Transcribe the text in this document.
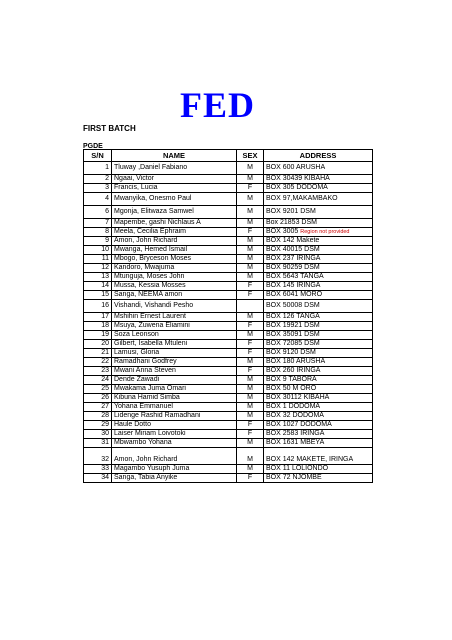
FED
FIRST BATCH
PGDE
S/N	NAME	SEX	ADDRESS
1	Tluway ,Daniel Fabiano	M	BOX 600 ARUSHA
2	Ngaai, Victor	M	BOX 30439 KIBAHA
3	Francis, Lucia	F	BOX 305 DODOMA
4	Mwanyika, Onesmo Paul	M	BOX 97,MAKAMBAKO
6	Mgonja, Elitwaza Samwel	M	BOX 9201 DSM
7	Mapembe, gashi Nichlaus A	M	Box 21853 DSM
8	Meela, Cecilia Ephraim	F	BOX 3005 Region not provided
9	Amon, John Richard	M	BOX 142 Makete
10	Mwanga, Hemed Ismail	M	BOX 40015 DSM
11	Mbogo, Bryceson Moses	M	BOX 237 IRINGA
12	Kandoro, Mwajuma	M	BOX 90259 DSM
13	Mtunguja, Moses John	M	BOX 5643 TANGA
14	Mussa, Kessia Mosses	F	BOX 145 IRINGA
15	Sanga, NEEMA amon	F	BOX 6041 MORO
16	Vishandi, Vishandi Pesho		BOX 50008 DSM
17	Mshihin Ernest Laurent	M	BOX 126 TANGA
18	Msuya, Zuwena Eliamini	F	BOX 19921 DSM
19	Soza Leonson	M	BOX 35091 DSM
20	Gilbert, Isabella Mtuleni	F	BOX 72085 DSM
21	Lamusi, Gloria	F	BOX 9120 DSM
22	Ramadhani Godfrey	M	BOX 180 ARUSHA
23	Mwani Anna Steven	F	BOX 260 IRINGA
24	Dende Zawadi	M	BOX 9 TABORA
25	Mwakama Juma Omari	M	BOX 50 M ORO
26	Kibuna Hamid Simba	M	BOX 30112 KIBAHA
27	Yohana Emmanuel	M	BOX 1 DODOMA
28	Lidenge Rashid Ramadhani	M	BOX 32 DODOMA
29	Haule Dotto	F	BOX 1027 DODOMA
30	Laiser Miriam Loivotoki	F	BOX 2583 IRINGA
31	Mbwambo Yohana	M	BOX 1631 MBEYA
32	Amon, John Richard	M	BOX 142 MAKETE, IRINGA
33	Magambo Yusuph Juma	M	BOX 11 LOLIONDO
34	Sanga, Tabia Anyike	F	BOX 72 NJOMBE
